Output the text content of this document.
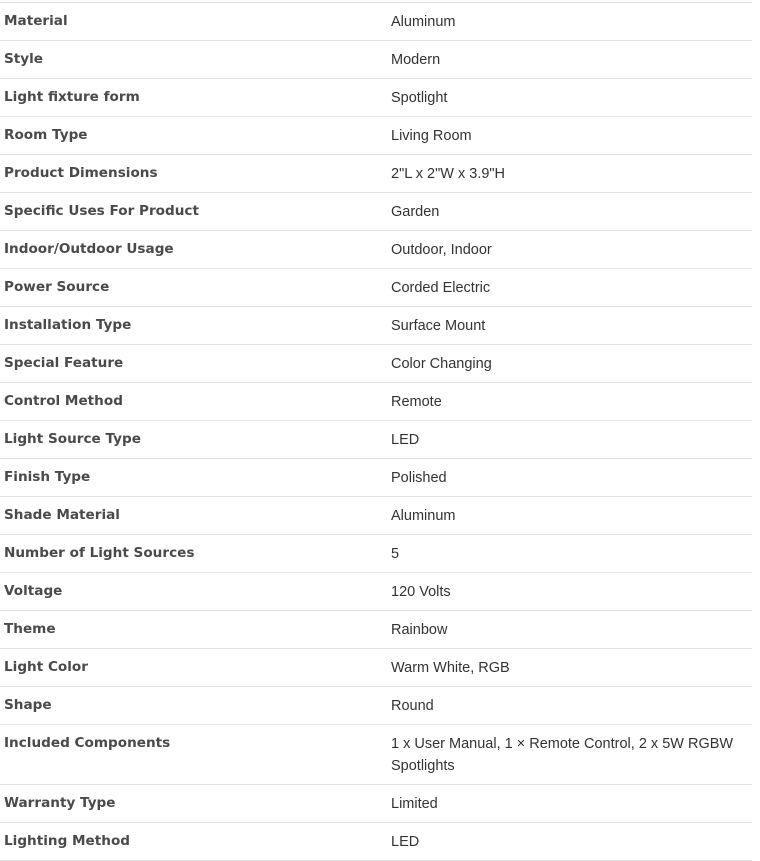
Material	Aluminum
Style	Modern
Light fixture form	Spotlight
Room Type	Living Room
Product Dimensions	2"L x 2"W x 3.9"H
Specific Uses For Product	Garden
Indoor/Outdoor Usage	Outdoor, Indoor
Power Source	Corded Electric
Installation Type	Surface Mount
Special Feature	Color Changing
Control Method	Remote
Light Source Type	LED
Finish Type	Polished
Shade Material	Aluminum
Number of Light Sources	5
Voltage	120 Volts
Theme	Rainbow
Light Color	Warm White, RGB
Shape	Round
Included Components	1 x User Manual, 1 × Remote Control, 2 x 5W RGBW Spotlights
Warranty Type	Limited
Lighting Method	LED
